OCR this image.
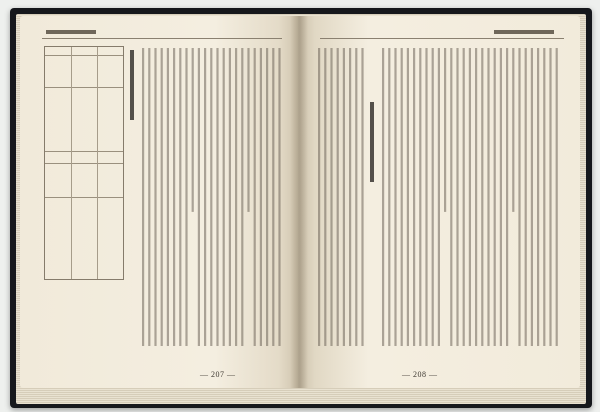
— 207 —	— 208 —
